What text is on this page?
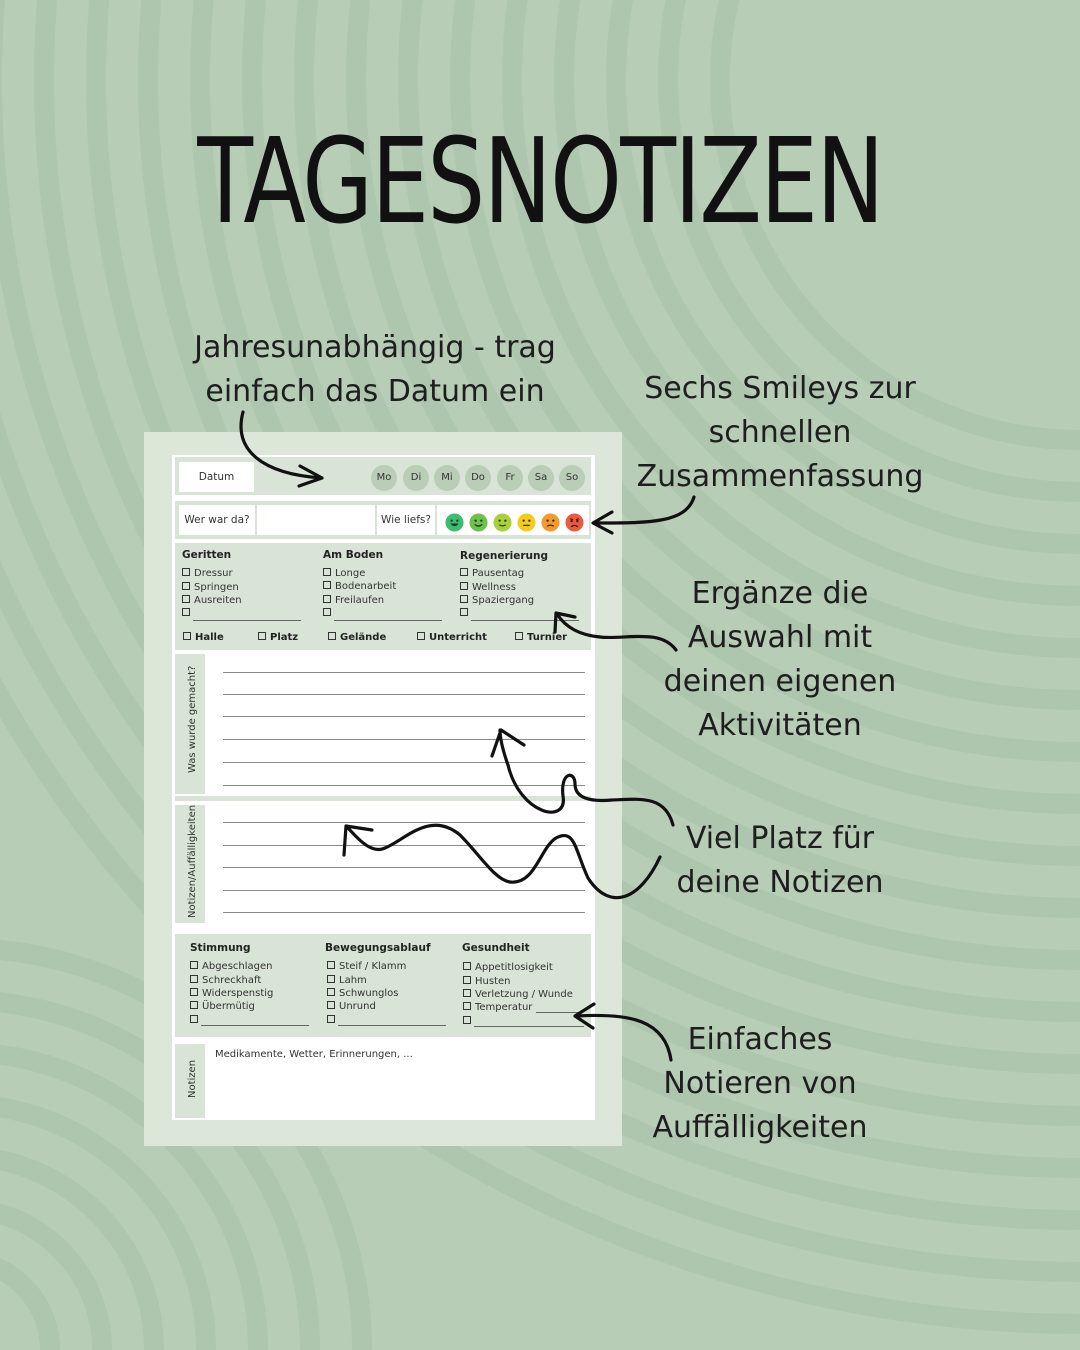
TAGESNOTIZEN
Jahresunabhängig - trag
einfach das Datum ein	Sechs Smileys zur
schnellen
Zusammenfassung
Ergänze die
Auswahl mit
deinen eigenen
Aktivitäten
Viel Platz für
deine Notizen
Einfaches
Notieren von
Auffälligkeiten
Datum	Mo	Di	Mi	Do	Fr	Sa	So
Wer war da?	Wie liefs?
Geritten
Dressur
Springen
Ausreiten
Am Boden
Longe
Bodenarbeit
Freilaufen
Regenerierung
Pausentag
Wellness
Spaziergang
Halle	Platz	Gelände	Unterricht	Turnier
Was wurde gemacht?
Notizen/Auffälligkeiten
Stimmung
Abgeschlagen
Schreckhaft
Widerspenstig
Übermütig
Bewegungsablauf
Steif / Klamm
Lahm
Schwunglos
Unrund
Gesundheit
Appetitlosigkeit
Husten
Verletzung / Wunde
Temperatur
Notizen
Medikamente, Wetter, Erinnerungen, ...
